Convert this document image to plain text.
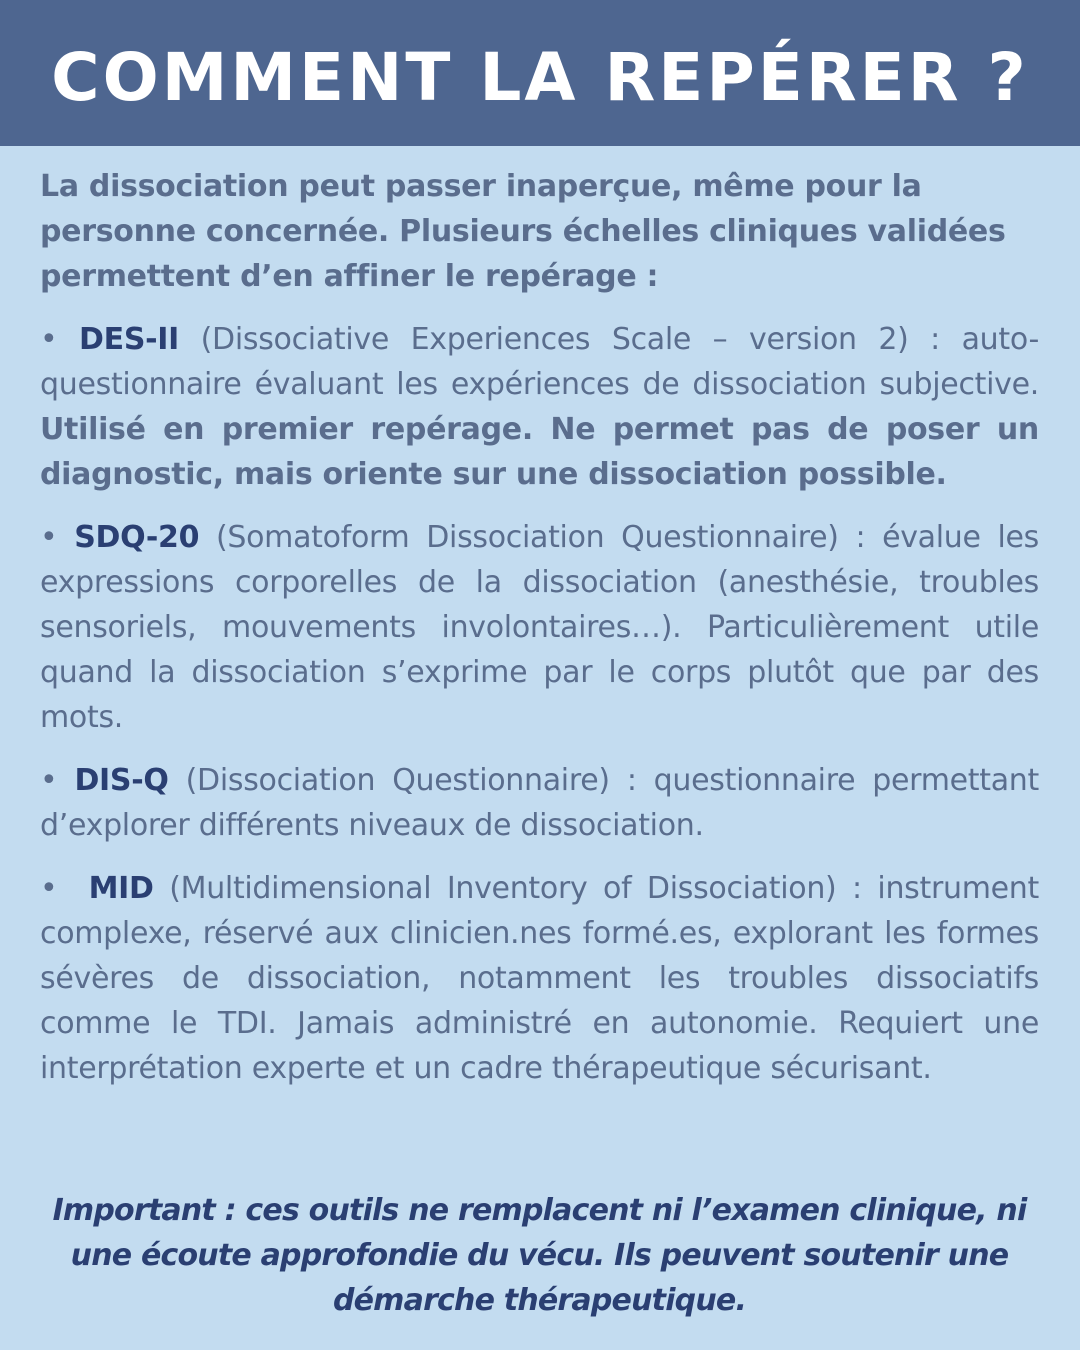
COMMENT LA REPÉRER ?

La dissociation peut passer inaperçue, même pour la personne concernée. Plusieurs échelles cliniques validées permettent d’en affiner le repérage :

• DES-II (Dissociative Experiences Scale – version 2) : auto-questionnaire évaluant les expériences de dissociation subjective. Utilisé en premier repérage. Ne permet pas de poser un diagnostic, mais oriente sur une dissociation possible.

• SDQ-20 (Somatoform Dissociation Questionnaire) : évalue les expressions corporelles de la dissociation (anesthésie, troubles sensoriels, mouvements involontaires…). Particulièrement utile quand la dissociation s’exprime par le corps plutôt que par des mots.

• DIS-Q (Dissociation Questionnaire) : questionnaire permettant d’explorer différents niveaux de dissociation.

• MID (Multidimensional Inventory of Dissociation) : instrument complexe, réservé aux clinicien.nes formé.es, explorant les formes sévères de dissociation, notamment les troubles dissociatifs comme le TDI. Jamais administré en autonomie. Requiert une interprétation experte et un cadre thérapeutique sécurisant.

Important : ces outils ne remplacent ni l’examen clinique, ni une écoute approfondie du vécu. Ils peuvent soutenir une démarche thérapeutique.
